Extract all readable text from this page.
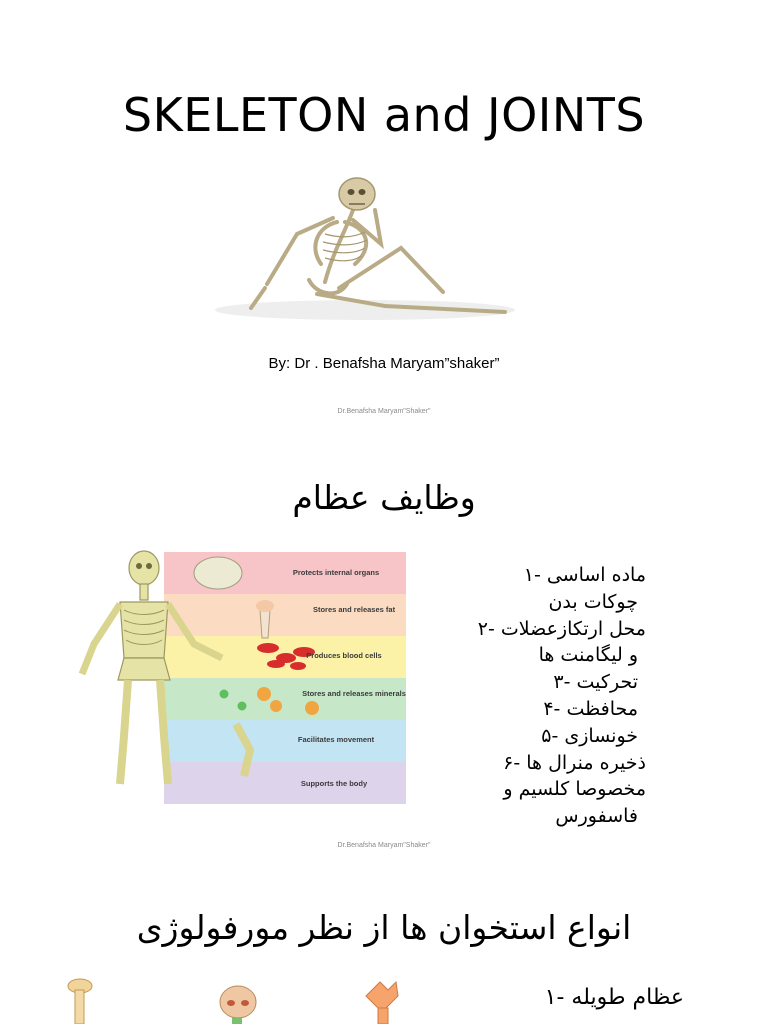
SKELETON and JOINTS
By: Dr . Benafsha Maryam”shaker”
Dr.Benafsha Maryam"Shaker"
وظایف عظام
Protects internal organs
Stores and releases fat
Produces blood cells
Stores and releases minerals
Facilitates movement
Supports the body
ماده اساسی -۱
چوکات بدن
محل ارتکازعضلات -۲
و لیگامنت ها
تحرکیت -۳
محافظت -۴
خونسازی -۵
ذخیره منرال ها -۶
مخصوصا کلسیم و
فاسفورس
Dr.Benafsha Maryam"Shaker"
انواع استخوان ها از نظر مورفولوژی
عظام طویله -۱
